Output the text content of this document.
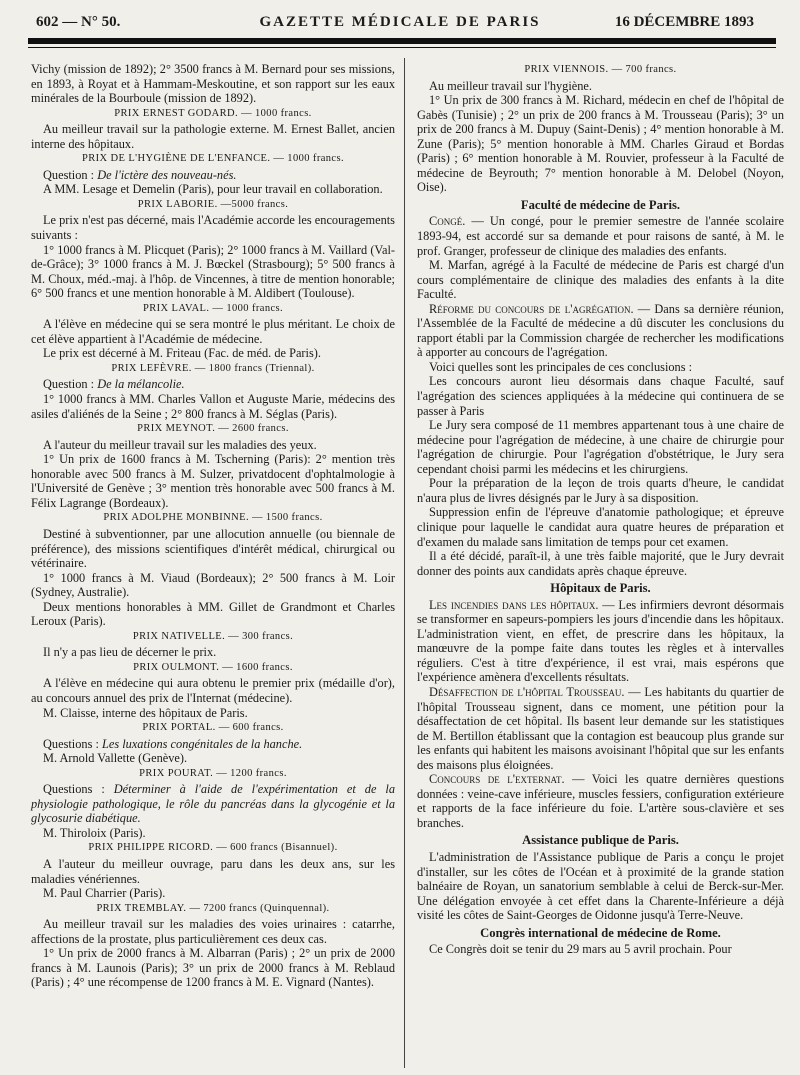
602 — N° 50.	GAZETTE MÉDICALE DE PARIS	16 DÉCEMBRE 1893

Vichy (mission de 1892); 2° 3500 francs à M. Bernard pour ses missions, en 1893, à Royat et à Hammam-Meskoutine, et son rapport sur les eaux minérales de la Bourboule (mission de 1892).

PRIX ERNEST GODARD. — 1000 francs.

Au meilleur travail sur la pathologie externe. M. Ernest Ballet, ancien interne des hôpitaux.

PRIX DE L'HYGIÈNE DE L'ENFANCE. — 1000 francs.

Question : De l'ictère des nouveau-nés.

A MM. Lesage et Demelin (Paris), pour leur travail en collaboration.

PRIX LABORIE. —5000 francs.

Le prix n'est pas décerné, mais l'Académie accorde les encouragements suivants :

1° 1000 francs à M. Plicquet (Paris); 2° 1000 francs à M. Vaillard (Val-de-Grâce); 3° 1000 francs à M. J. Bœckel (Strasbourg); 5° 500 francs à M. Choux, méd.-maj. à l'hôp. de Vincennes, à titre de mention honorable; 6° 500 francs et une mention honorable à M. Aldibert (Toulouse).

PRIX LAVAL. — 1000 francs.

A l'élève en médecine qui se sera montré le plus méritant. Le choix de cet élève appartient à l'Académie de médecine.

Le prix est décerné à M. Friteau (Fac. de méd. de Paris).

PRIX LEFÈVRE. — 1800 francs (Triennal).

Question : De la mélancolie.

1° 1000 francs à MM. Charles Vallon et Auguste Marie, médecins des asiles d'aliénés de la Seine ; 2° 800 francs à M. Séglas (Paris).

PRIX MEYNOT. — 2600 francs.

A l'auteur du meilleur travail sur les maladies des yeux.

1° Un prix de 1600 francs à M. Tscherning (Paris): 2° mention très honorable avec 500 francs à M. Sulzer, privatdocent d'ophtalmologie à l'Université de Genève ; 3° mention très honorable avec 500 francs à M. Félix Lagrange (Bordeaux).

PRIX ADOLPHE MONBINNE. — 1500 francs.

Destiné à subventionner, par une allocution annuelle (ou biennale de préférence), des missions scientifiques d'intérêt médical, chirurgical ou vétérinaire.

1° 1000 francs à M. Viaud (Bordeaux); 2° 500 francs à M. Loir (Sydney, Australie).

Deux mentions honorables à MM. Gillet de Grandmont et Charles Leroux (Paris).

PRIX NATIVELLE. — 300 francs.

Il n'y a pas lieu de décerner le prix.

PRIX OULMONT. — 1600 francs.

A l'élève en médecine qui aura obtenu le premier prix (médaille d'or), au concours annuel des prix de l'Internat (médecine).

M. Claisse, interne des hôpitaux de Paris.

PRIX PORTAL. — 600 francs.

Questions : Les luxations congénitales de la hanche.

M. Arnold Vallette (Genève).

PRIX POURAT. — 1200 francs.

Questions : Déterminer à l'aide de l'expérimentation et de la physiologie pathologique, le rôle du pancréas dans la glycogénie et la glycosurie diabétique.

M. Thiroloix (Paris).

PRIX PHILIPPE RICORD. — 600 francs (Bisannuel).

A l'auteur du meilleur ouvrage, paru dans les deux ans, sur les maladies vénériennes.

M. Paul Charrier (Paris).

PRIX TREMBLAY. — 7200 francs (Quinquennal).

Au meilleur travail sur les maladies des voies urinaires : catarrhe, affections de la prostate, plus particulièrement ces deux cas.

1° Un prix de 2000 francs à M. Albarran (Paris) ; 2° un prix de 2000 francs à M. Launois (Paris); 3° un prix de 2000 francs à M. Reblaud (Paris) ; 4° une récompense de 1200 francs à M. E. Vignard (Nantes).

PRIX VIENNOIS. — 700 francs.

Au meilleur travail sur l'hygiène.

1° Un prix de 300 francs à M. Richard, médecin en chef de l'hôpital de Gabès (Tunisie) ; 2° un prix de 200 francs à M. Trousseau (Paris); 3° un prix de 200 francs à M. Dupuy (Saint-Denis) ; 4° mention honorable à M. Zune (Paris); 5° mention honorable à MM. Charles Giraud et Bordas (Paris) ; 6° mention honorable à M. Rouvier, professeur à la Faculté de médecine de Beyrouth; 7° mention honorable à M. Delobel (Noyon, Oise).

Faculté de médecine de Paris.

Congé. — Un congé, pour le premier semestre de l'année scolaire 1893-94, est accordé sur sa demande et pour raisons de santé, à M. le prof. Granger, professeur de clinique des maladies des enfants.

M. Marfan, agrégé à la Faculté de médecine de Paris est chargé d'un cours complémentaire de clinique des maladies des enfants à la dite Faculté.

Réforme du concours de l'agrégation. — Dans sa dernière réunion, l'Assemblée de la Faculté de médecine a dû discuter les conclusions du rapport établi par la Commission chargée de rechercher les modifications à apporter au concours de l'agrégation.

Voici quelles sont les principales de ces conclusions :

Les concours auront lieu désormais dans chaque Faculté, sauf l'agrégation des sciences appliquées à la médecine qui continuera de se passer à Paris

Le Jury sera composé de 11 membres appartenant tous à une chaire de médecine pour l'agrégation de médecine, à une chaire de chirurgie pour l'agrégation de chirurgie. Pour l'agrégation d'obstétrique, le Jury sera cependant choisi parmi les médecins et les chirurgiens.

Pour la préparation de la leçon de trois quarts d'heure, le candidat n'aura plus de livres désignés par le Jury à sa disposition.

Suppression enfin de l'épreuve d'anatomie pathologique; et épreuve clinique pour laquelle le candidat aura quatre heures de préparation et d'examen du malade sans limitation de temps pour cet examen.

Il a été décidé, paraît-il, à une très faible majorité, que le Jury devrait donner des points aux candidats après chaque épreuve.

Hôpitaux de Paris.

Les incendies dans les hôpitaux. — Les infirmiers devront désormais se transformer en sapeurs-pompiers les jours d'incendie dans les hôpitaux. L'administration vient, en effet, de prescrire dans les hôpitaux, la manœuvre de la pompe faite dans toutes les règles et à intervalles réguliers. C'est à titre d'expérience, il est vrai, mais espérons que l'expérience amènera d'excellents résultats.

Désaffection de l'hôpital Trousseau. — Les habitants du quartier de l'hôpital Trousseau signent, dans ce moment, une pétition pour la désaffectation de cet hôpital. Ils basent leur demande sur les statistiques de M. Bertillon établissant que la contagion est beaucoup plus grande sur les enfants qui habitent les maisons avoisinant l'hôpital que sur les enfants des maisons plus éloignées.

Concours de l'externat. — Voici les quatre dernières questions données : veine-cave inférieure, muscles fessiers, configuration extérieure et rapports de la face inférieure du foie. L'artère sous-clavière et ses branches.

Assistance publique de Paris.

L'administration de l'Assistance publique de Paris a conçu le projet d'installer, sur les côtes de l'Océan et à proximité de la grande station balnéaire de Royan, un sanatorium semblable à celui de Berck-sur-Mer. Une délégation envoyée à cet effet dans la Charente-Inférieure a déjà visité les côtes de Saint-Georges de Oidonne jusqu'à Terre-Neuve.

Congrès international de médecine de Rome.

Ce Congrès doit se tenir du 29 mars au 5 avril prochain. Pour
